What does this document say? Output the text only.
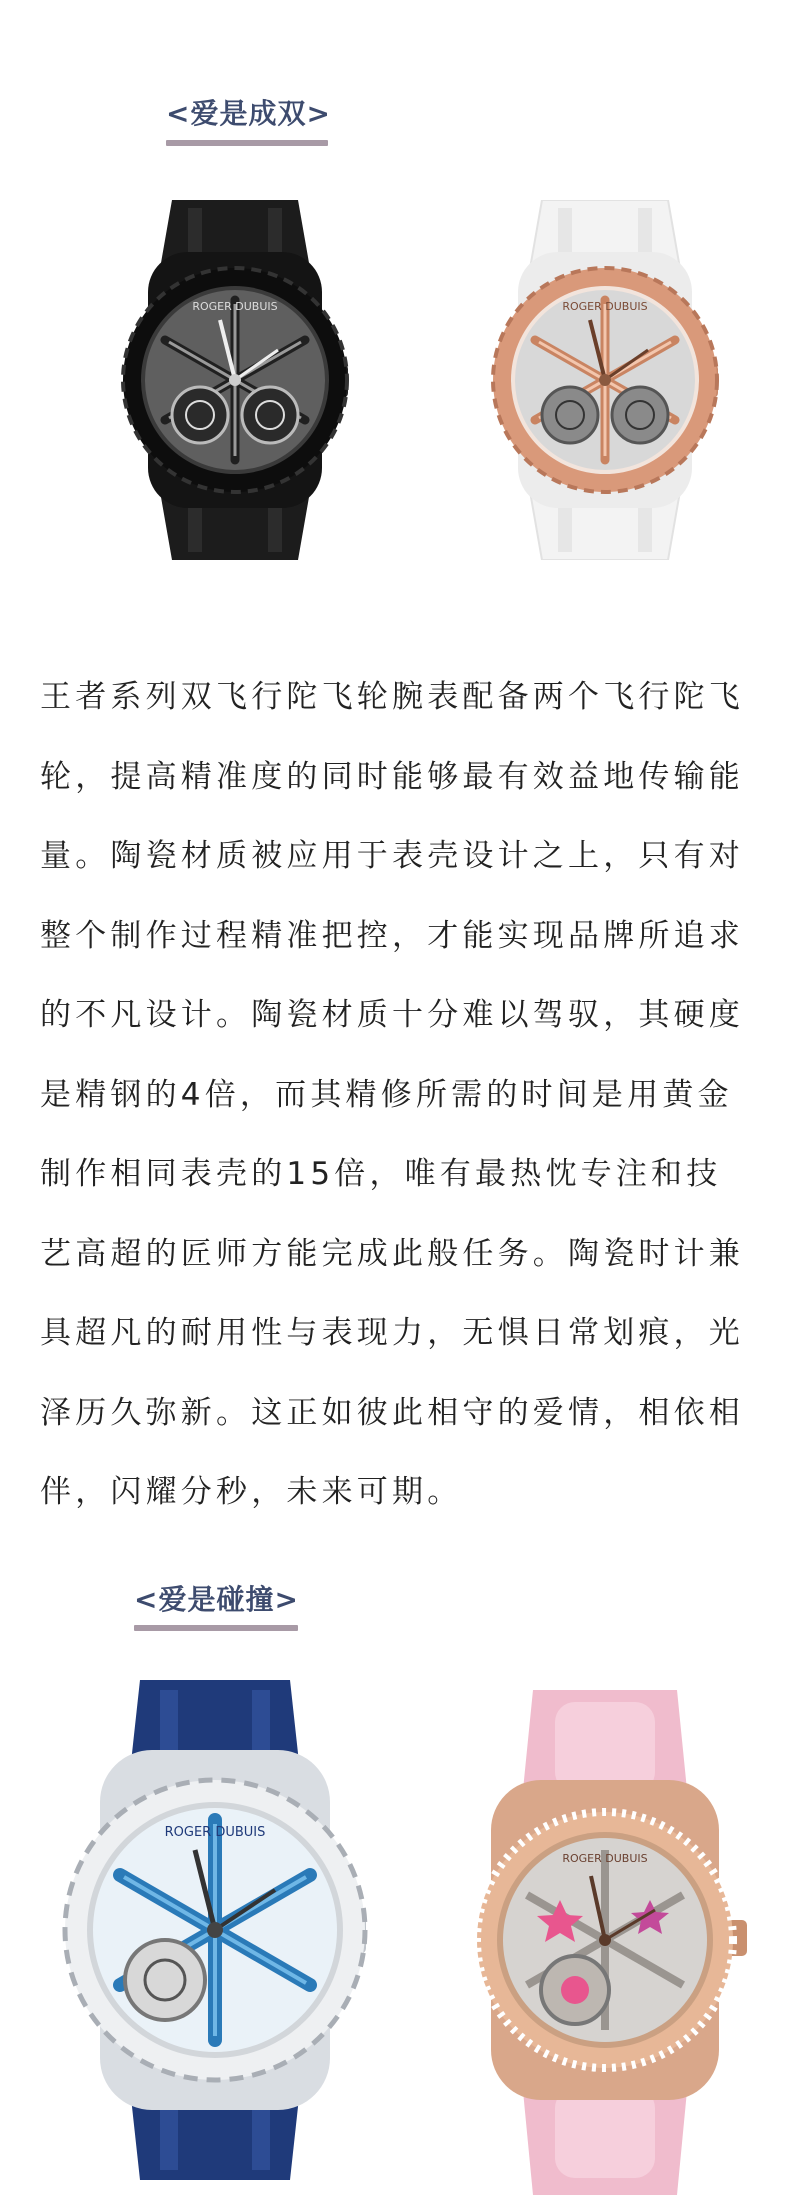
<爱是成双>
ROGER DUBUIS	ROGER DUBUIS
王者系列双飞行陀飞轮腕表配备两个飞行陀飞
轮，提高精准度的同时能够最有效益地传输能
量。陶瓷材质被应用于表壳设计之上，只有对
整个制作过程精准把控，才能实现品牌所追求
的不凡设计。陶瓷材质十分难以驾驭，其硬度
是精钢的4倍，而其精修所需的时间是用黄金
制作相同表壳的15倍，唯有最热忱专注和技
艺高超的匠师方能完成此般任务。陶瓷时计兼
具超凡的耐用性与表现力，无惧日常划痕，光
泽历久弥新。这正如彼此相守的爱情，相依相
伴，闪耀分秒，未来可期。
<爱是碰撞>
ROGER DUBUIS
ROGER DUBUIS
